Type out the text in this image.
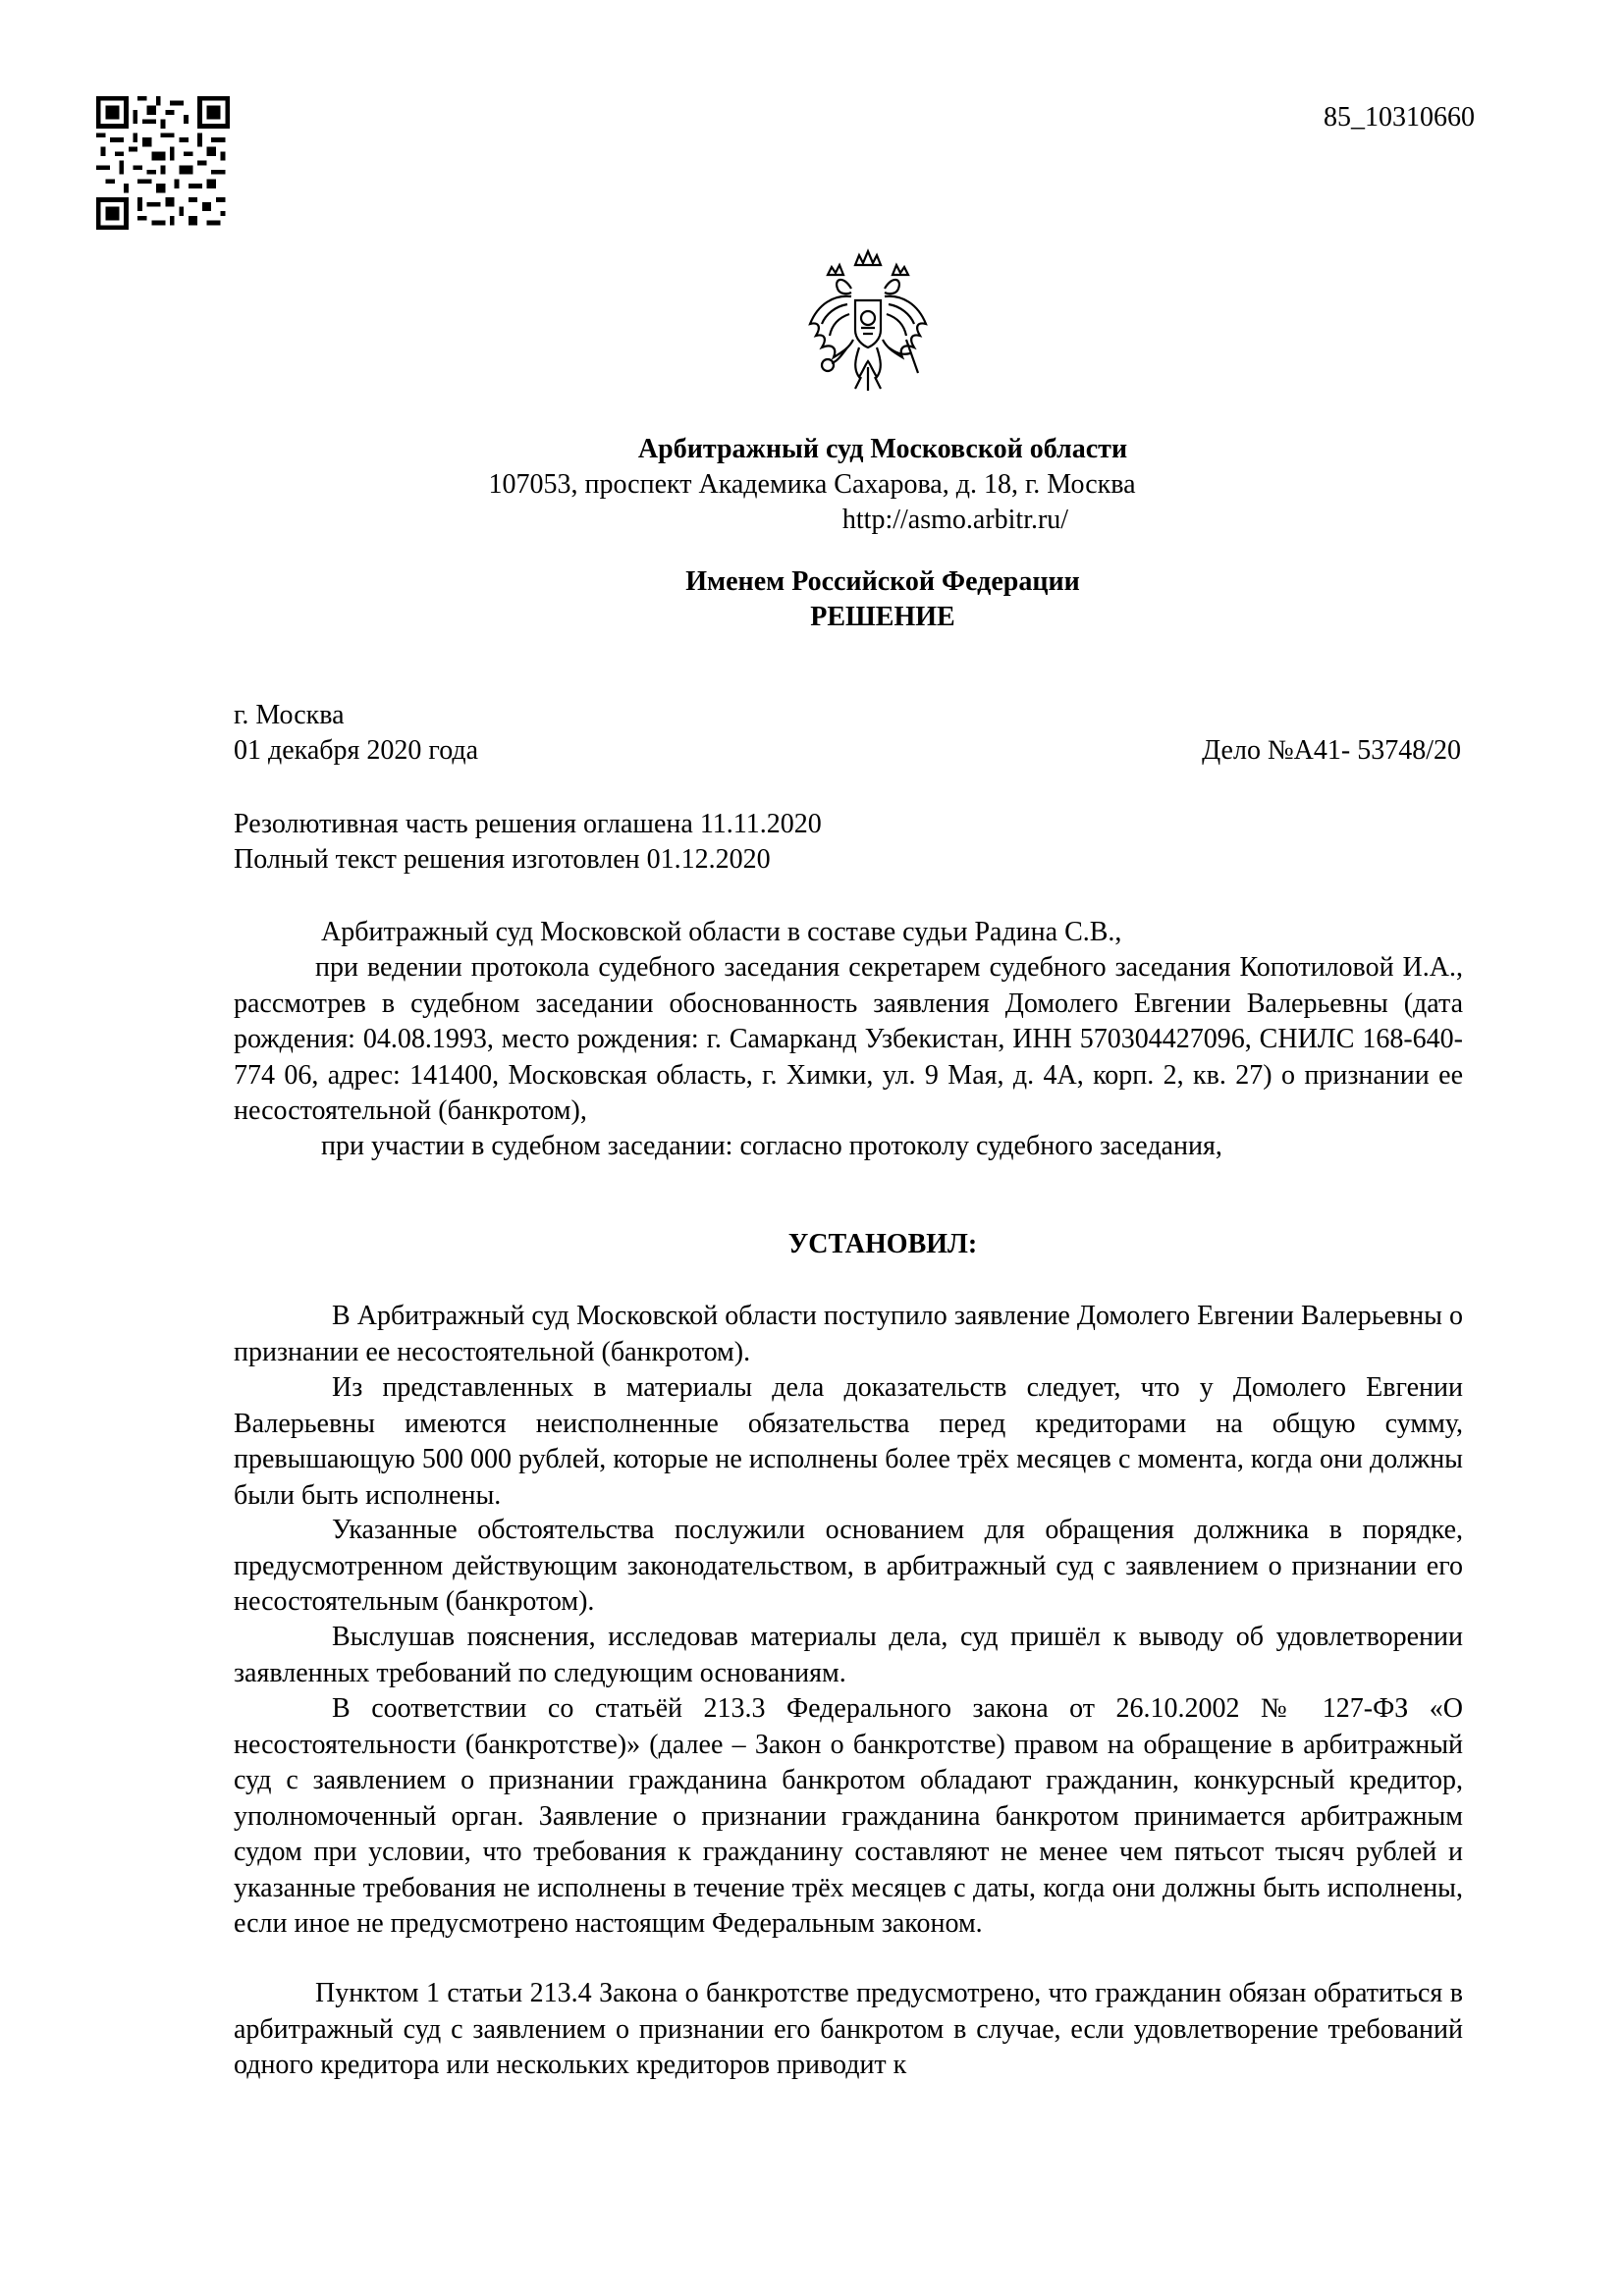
85_10310660
Арбитражный суд Московской области
107053, проспект Академика Сахарова, д. 18, г. Москва
http://asmo.arbitr.ru/
Именем Российской Федерации
РЕШЕНИЕ
г. Москва
01 декабря 2020 года	Дело №А41- 53748/20
Резолютивная часть решения оглашена 11.11.2020
Полный текст решения изготовлен 01.12.2020
Арбитражный суд Московской области в составе судьи Радина С.В.,
при ведении протокола судебного заседания секретарем судебного заседания Копотиловой И.А., рассмотрев в судебном заседании обоснованность заявления Домолего Евгении Валерьевны (дата рождения: 04.08.1993, место рождения: г. Самарканд Узбекистан, ИНН 570304427096, СНИЛС 168-640-774 06, адрес: 141400, Московская область, г. Химки, ул. 9 Мая, д. 4А, корп. 2, кв. 27) о признании ее несостоятельной (банкротом),
при участии в судебном заседании: согласно протоколу судебного заседания,
УСТАНОВИЛ:
В Арбитражный суд Московской области поступило заявление Домолего Евгении Валерьевны о признании ее несостоятельной (банкротом).
Из представленных в материалы дела доказательств следует, что у Домолего Евгении Валерьевны имеются неисполненные обязательства перед кредиторами на общую сумму, превышающую 500 000 рублей, которые не исполнены более трёх месяцев с момента, когда они должны были быть исполнены.
Указанные обстоятельства послужили основанием для обращения должника в порядке, предусмотренном действующим законодательством, в арбитражный суд с заявлением о признании его несостоятельным (банкротом).
Выслушав пояснения, исследовав материалы дела, суд пришёл к выводу об удовлетворении заявленных требований по следующим основаниям.
В соответствии со статьёй 213.3 Федерального закона от 26.10.2002 № 127-ФЗ «О несостоятельности (банкротстве)» (далее – Закон о банкротстве) правом на обращение в арбитражный суд с заявлением о признании гражданина банкротом обладают гражданин, конкурсный кредитор, уполномоченный орган. Заявление о признании гражданина банкротом принимается арбитражным судом при условии, что требования к гражданину составляют не менее чем пятьсот тысяч рублей и указанные требования не исполнены в течение трёх месяцев с даты, когда они должны быть исполнены, если иное не предусмотрено настоящим Федеральным законом.
Пунктом 1 статьи 213.4 Закона о банкротстве предусмотрено, что гражданин обязан обратиться в арбитражный суд с заявлением о признании его банкротом в случае, если удовлетворение требований одного кредитора или нескольких кредиторов приводит к
